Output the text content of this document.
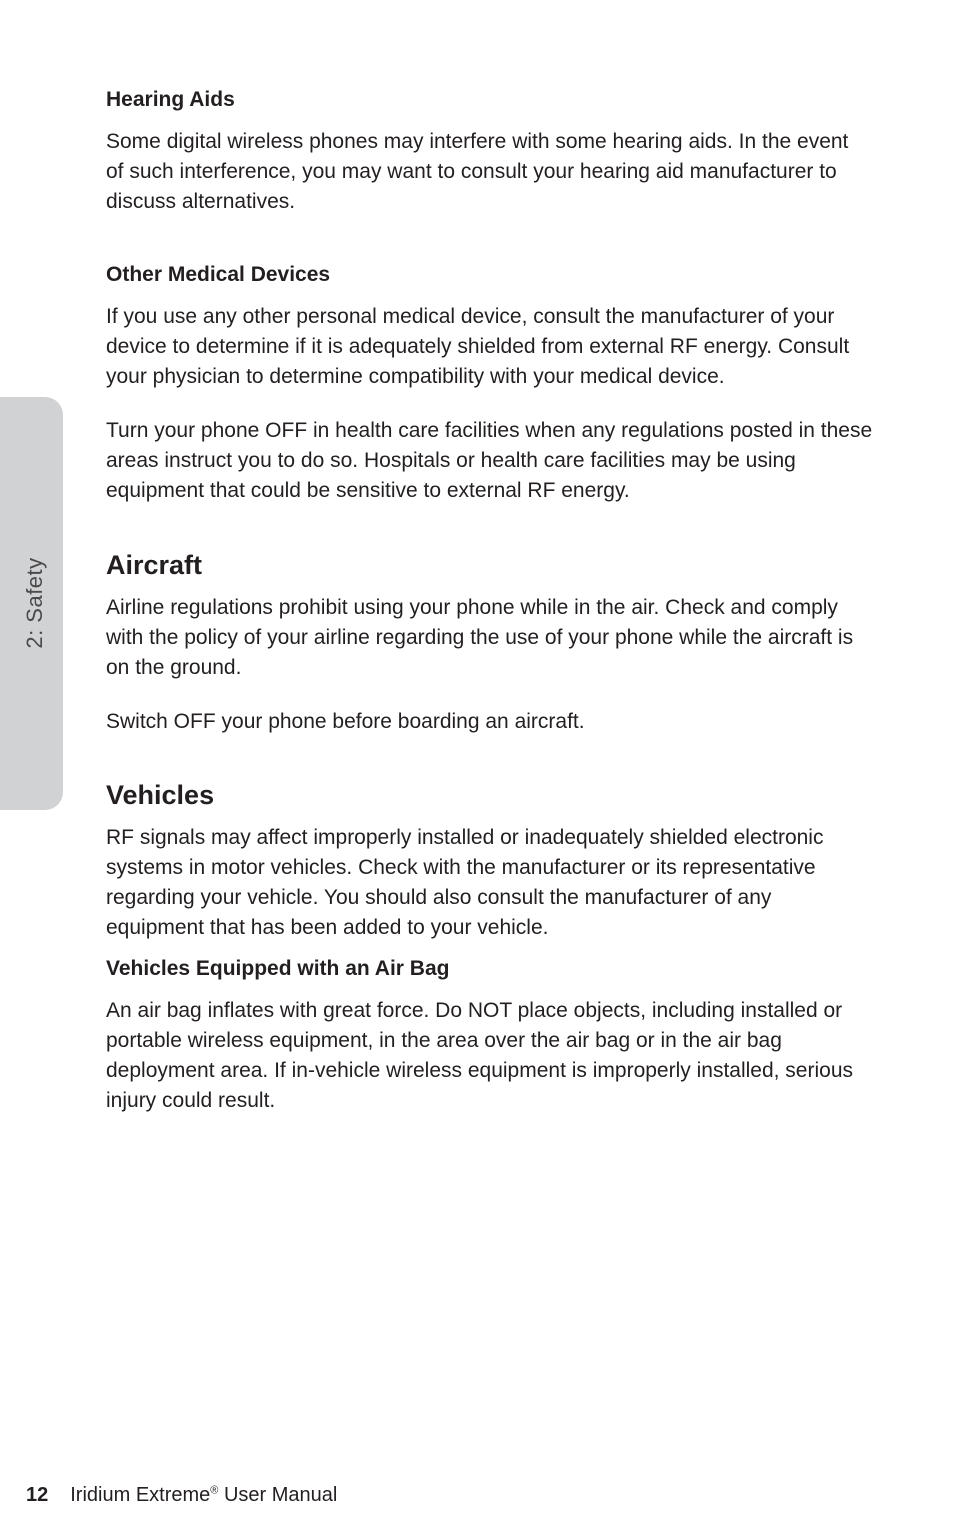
2: Safety
Hearing Aids

Some digital wireless phones may interfere with some hearing aids. In the event of such interference, you may want to consult your hearing aid manufacturer to discuss alternatives.

Other Medical Devices

If you use any other personal medical device, consult the manufacturer of your device to determine if it is adequately shielded from external RF energy. Consult your physician to determine compatibility with your medical device.

Turn your phone OFF in health care facilities when any regulations posted in these areas instruct you to do so. Hospitals or health care facilities may be using equipment that could be sensitive to external RF energy.

Aircraft

Airline regulations prohibit using your phone while in the air. Check and comply with the policy of your airline regarding the use of your phone while the aircraft is on the ground.

Switch OFF your phone before boarding an aircraft.

Vehicles

RF signals may affect improperly installed or inadequately shielded electronic systems in motor vehicles. Check with the manufacturer or its representative regarding your vehicle. You should also consult the manufacturer of any equipment that has been added to your vehicle.

Vehicles Equipped with an Air Bag

An air bag inflates with great force. Do NOT place objects, including installed or portable wireless equipment, in the area over the air bag or in the air bag deployment area. If in-vehicle wireless equipment is improperly installed, serious injury could result.

12 Iridium Extreme® User Manual
